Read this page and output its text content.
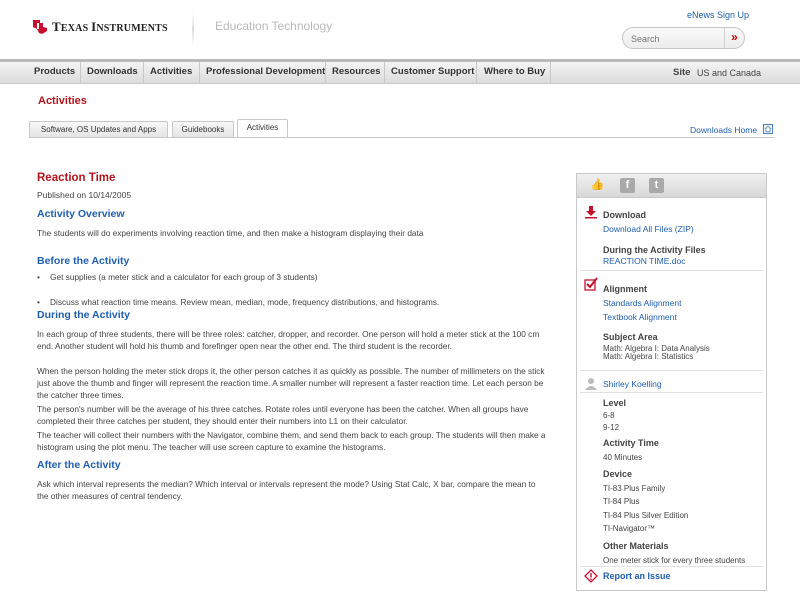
TEXAS INSTRUMENTS	Education Technology
eNews Sign Up
Search
»
Products Downloads Activities Professional Development Resources Customer Support Where to Buy	Site US and Canada
Activities
Software, OS Updates and Apps	Guidebooks	Activities	Downloads Home
Reaction Time
Published on 10/14/2005
Activity Overview
The students will do experiments involving reaction time, and then make a histogram displaying their data
Before the Activity
• Get supplies (a meter stick and a calculator for each group of 3 students)
• Discuss what reaction time means. Review mean, median, mode, frequency distributions, and histograms.
During the Activity
In each group of three students, there will be three roles: catcher, dropper, and recorder. One person will hold a meter stick at the 100 cm end. Another student will hold his thumb and forefinger open near the other end. The third student is the recorder.
When the person holding the meter stick drops it, the other person catches it as quickly as possible. The number of millimeters on the stick just above the thumb and finger will represent the reaction time. A smaller number will represent a faster reaction time. Let each person be the catcher three times.
The person's number will be the average of his three catches. Rotate roles until everyone has been the catcher. When all groups have completed their three catches per student, they should enter their numbers into L1 on their calculator.
The teacher will collect their numbers with the Navigator, combine them, and send them back to each group. The students will then make a histogram using the plot menu. The teacher will use screen capture to examine the histograms.
After the Activity
Ask which interval represents the median? Which interval or intervals represent the mode? Using Stat Calc, X bar, compare the mean to the other measures of central tendency.
👍	f	t
Download
Download All Files (ZIP)
During the Activity Files
REACTION TIME.doc
Alignment
Standards Alignment
Textbook Alignment
Subject Area
Math: Algebra I: Data Analysis
Math: Algebra I: Statistics
Shirley Koelling
Level
6-8
9-12
Activity Time
40 Minutes
Device
TI-83 Plus Family
TI-84 Plus
TI-84 Plus Silver Edition
TI-Navigator™
Other Materials
One meter stick for every three students
Report an Issue
